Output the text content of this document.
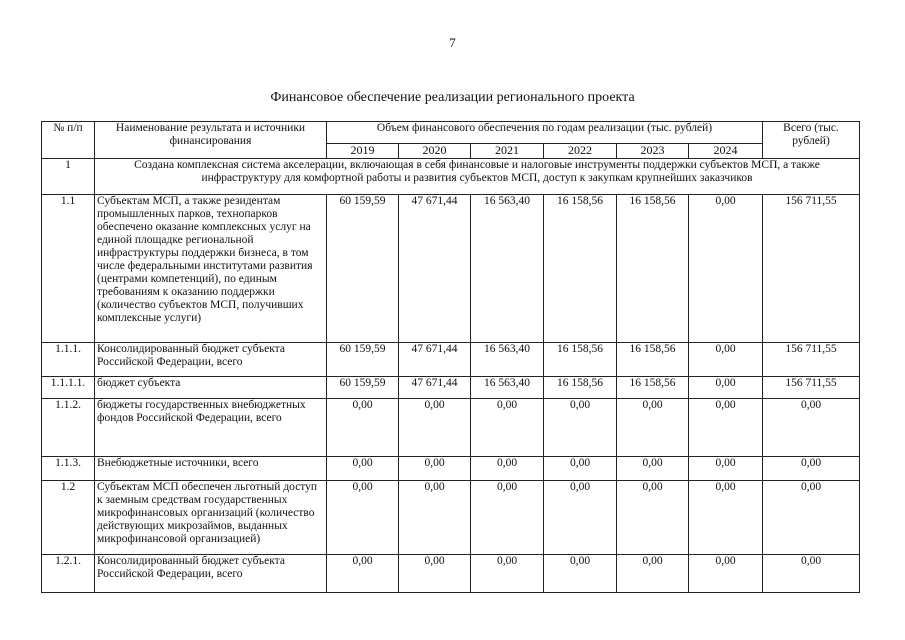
7
Финансовое обеспечение реализации регионального проекта
№ п/п	Наименование результата и источники финансирования	Объем финансового обеспечения по годам реализации (тыс. рублей)						Всего (тыс. рублей)
		2019	2020	2021	2022	2023	2024	
1	Создана комплексная система акселерации, включающая в себя финансовые и налоговые инструменты поддержки субъектов МСП, а также инфраструктуру для комфортной работы и развития субъектов МСП, доступ к закупкам крупнейших заказчиков							
1.1	Субъектам МСП, а также резидентам промышленных парков, технопарков обеспечено оказание комплексных услуг на единой площадке региональной инфраструктуры поддержки бизнеса, в том числе федеральными институтами развития (центрами компетенций), по единым требованиям к оказанию поддержки (количество субъектов МСП, получивших комплексные услуги)	60 159,59	47 671,44	16 563,40	16 158,56	16 158,56	0,00	156 711,55
1.1.1.	Консолидированный бюджет субъекта Российской Федерации, всего	60 159,59	47 671,44	16 563,40	16 158,56	16 158,56	0,00	156 711,55
1.1.1.1.	бюджет субъекта	60 159,59	47 671,44	16 563,40	16 158,56	16 158,56	0,00	156 711,55
1.1.2.	бюджеты государственных внебюджетных фондов Российской Федерации, всего	0,00	0,00	0,00	0,00	0,00	0,00	0,00
1.1.3.	Внебюджетные источники, всего	0,00	0,00	0,00	0,00	0,00	0,00	0,00
1.2	Субъектам МСП обеспечен льготный доступ к заемным средствам государственных микрофинансовых организаций (количество действующих микрозаймов, выданных микрофинансовой организацией)	0,00	0,00	0,00	0,00	0,00	0,00	0,00
1.2.1.	Консолидированный бюджет субъекта Российской Федерации, всего	0,00	0,00	0,00	0,00	0,00	0,00	0,00
